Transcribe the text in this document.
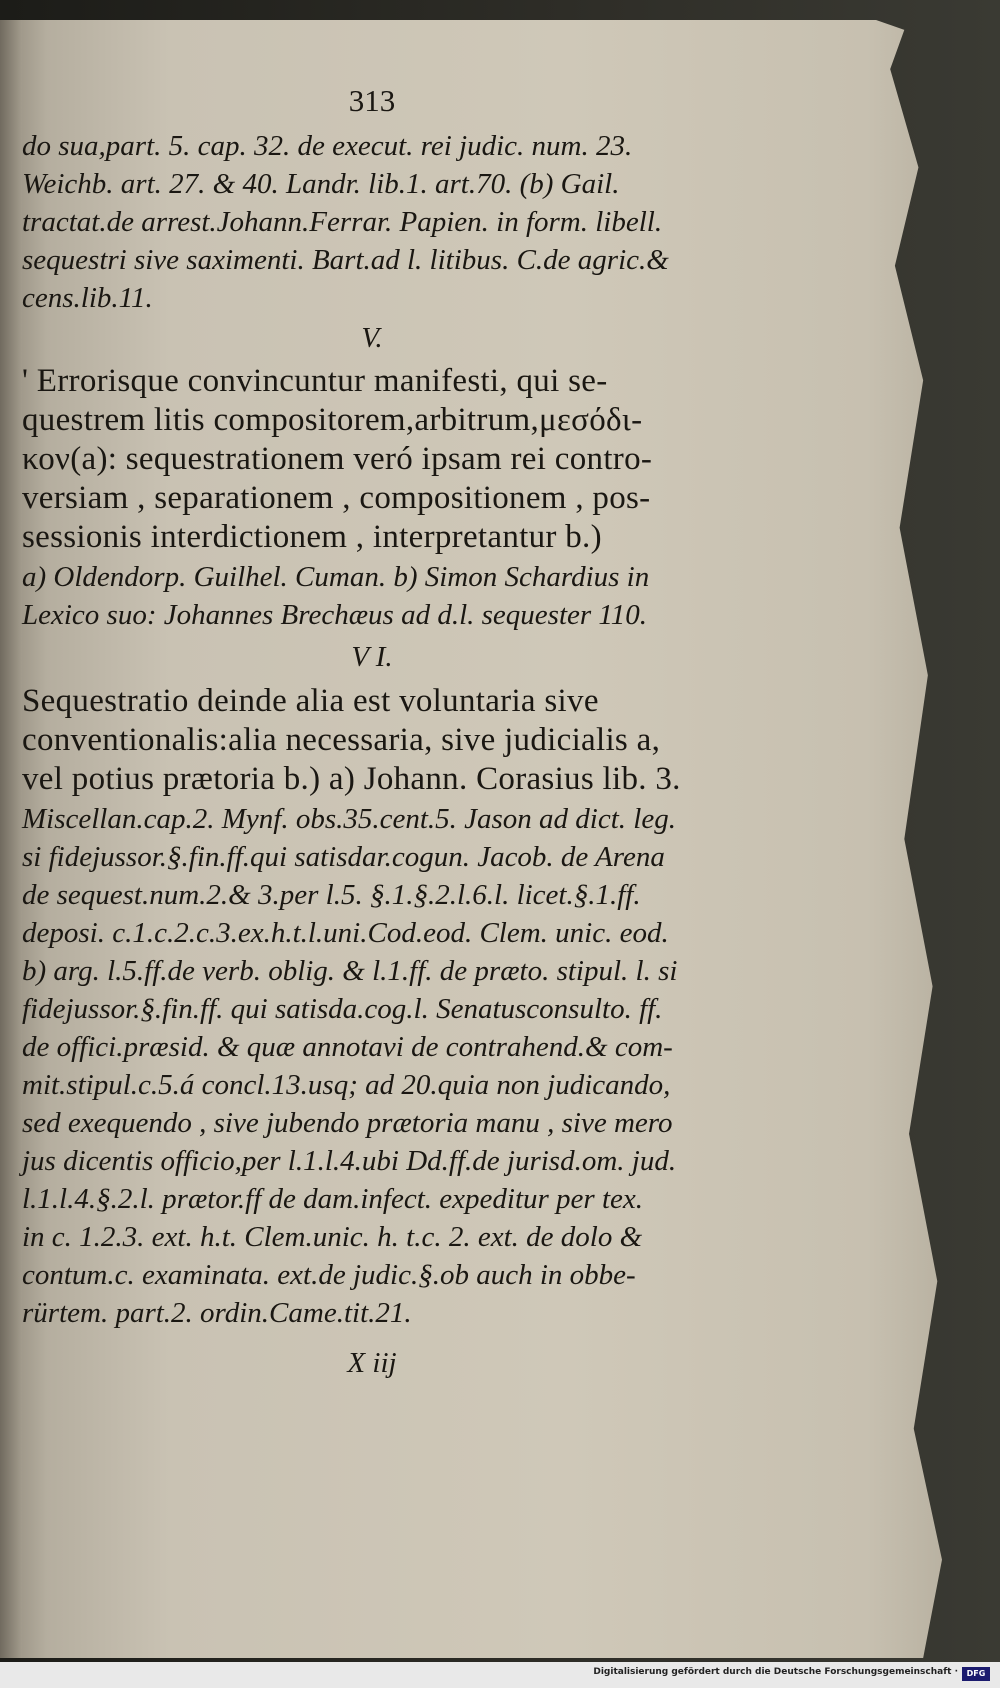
313
do sua,part. 5. cap. 32. de execut. rei judic. num. 23.
Weichb. art. 27. & 40. Landr. lib.1. art.70. (b) Gail.
tractat.de arrest.Johann.Ferrar. Papien. in form. libell.
sequestri sive saximenti. Bart.ad l. litibus. C.de agric.&
cens.lib.11.
V.
' Errorisque convincuntur manifesti, qui se-
questrem litis compositorem,arbitrum,μεσόδι-
κον(a): sequestrationem veró ipsam rei contro-
versiam , separationem , compositionem , pos-
sessionis interdictionem , interpretantur b.)
a) Oldendorp. Guilhel. Cuman. b) Simon Schardius in
Lexico suo: Johannes Brechæus ad d.l. sequester 110.
V I.
Sequestratio deinde alia est voluntaria sive
conventionalis:alia necessaria, sive judicialis a,
vel potius prætoria b.) a) Johann. Corasius lib. 3.
Miscellan.cap.2. Mynf. obs.35.cent.5. Jason ad dict. leg.
si fidejussor.§.fin.ff.qui satisdar.cogun. Jacob. de Arena
de sequest.num.2.& 3.per l.5. §.1.§.2.l.6.l. licet.§.1.ff.
deposi. c.1.c.2.c.3.ex.h.t.l.uni.Cod.eod. Clem. unic. eod.
b) arg. l.5.ff.de verb. oblig. & l.1.ff. de præto. stipul. l. si
fidejussor.§.fin.ff. qui satisda.cog.l. Senatusconsulto. ff.
de offici.præsid. & quæ annotavi de contrahend.& com-
mit.stipul.c.5.á concl.13.usq; ad 20.quia non judicando,
sed exequendo , sive jubendo prætoria manu , sive mero
jus dicentis officio,per l.1.l.4.ubi Dd.ff.de jurisd.om. jud.
l.1.l.4.§.2.l. prætor.ff de dam.infect. expeditur per tex.
in c. 1.2.3. ext. h.t. Clem.unic. h. t.c. 2. ext. de dolo &
contum.c. examinata. ext.de judic.§.ob auch in obbe-
rürtem. part.2. ordin.Came.tit.21.
X iij
Digitalisierung gefördert durch die Deutsche Forschungsgemeinschaft ·	DFG
